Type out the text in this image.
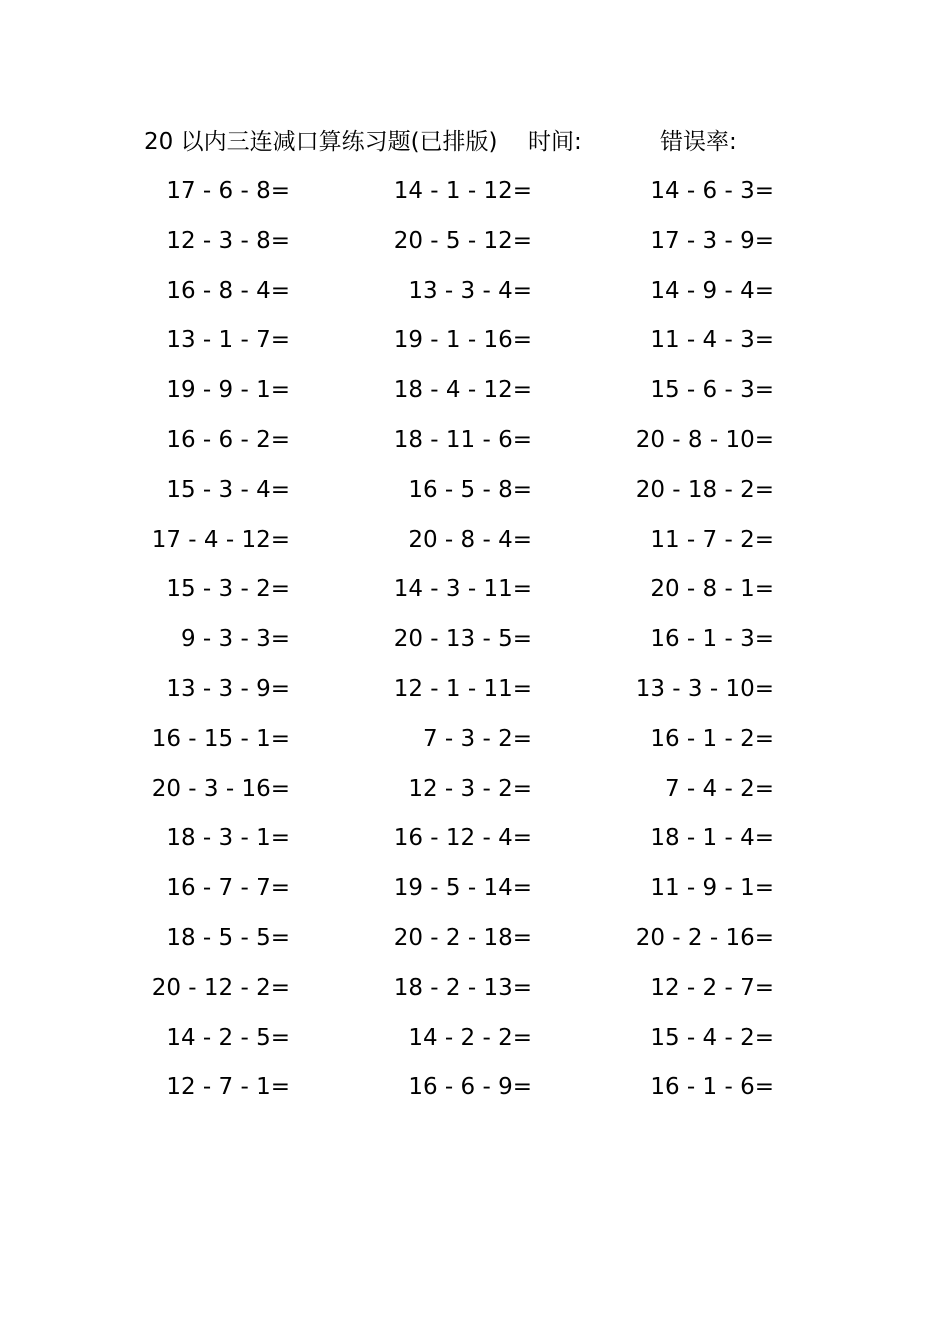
20 以内三连减口算练习题(已排版) 时间:	错误率:
17 - 6 - 8=	14 - 1 - 12=	14 - 6 - 3=
12 - 3 - 8=	20 - 5 - 12=	17 - 3 - 9=
16 - 8 - 4=	13 - 3 - 4=	14 - 9 - 4=
13 - 1 - 7=	19 - 1 - 16=	11 - 4 - 3=
19 - 9 - 1=	18 - 4 - 12=	15 - 6 - 3=
16 - 6 - 2=	18 - 11 - 6=	20 - 8 - 10=
15 - 3 - 4=	16 - 5 - 8=	20 - 18 - 2=
17 - 4 - 12=	20 - 8 - 4=	11 - 7 - 2=
15 - 3 - 2=	14 - 3 - 11=	20 - 8 - 1=
9 - 3 - 3=	20 - 13 - 5=	16 - 1 - 3=
13 - 3 - 9=	12 - 1 - 11=	13 - 3 - 10=
16 - 15 - 1=	7 - 3 - 2=	16 - 1 - 2=
20 - 3 - 16=	12 - 3 - 2=	7 - 4 - 2=
18 - 3 - 1=	16 - 12 - 4=	18 - 1 - 4=
16 - 7 - 7=	19 - 5 - 14=	11 - 9 - 1=
18 - 5 - 5=	20 - 2 - 18=	20 - 2 - 16=
20 - 12 - 2=	18 - 2 - 13=	12 - 2 - 7=
14 - 2 - 5=	14 - 2 - 2=	15 - 4 - 2=
12 - 7 - 1=	16 - 6 - 9=	16 - 1 - 6=
